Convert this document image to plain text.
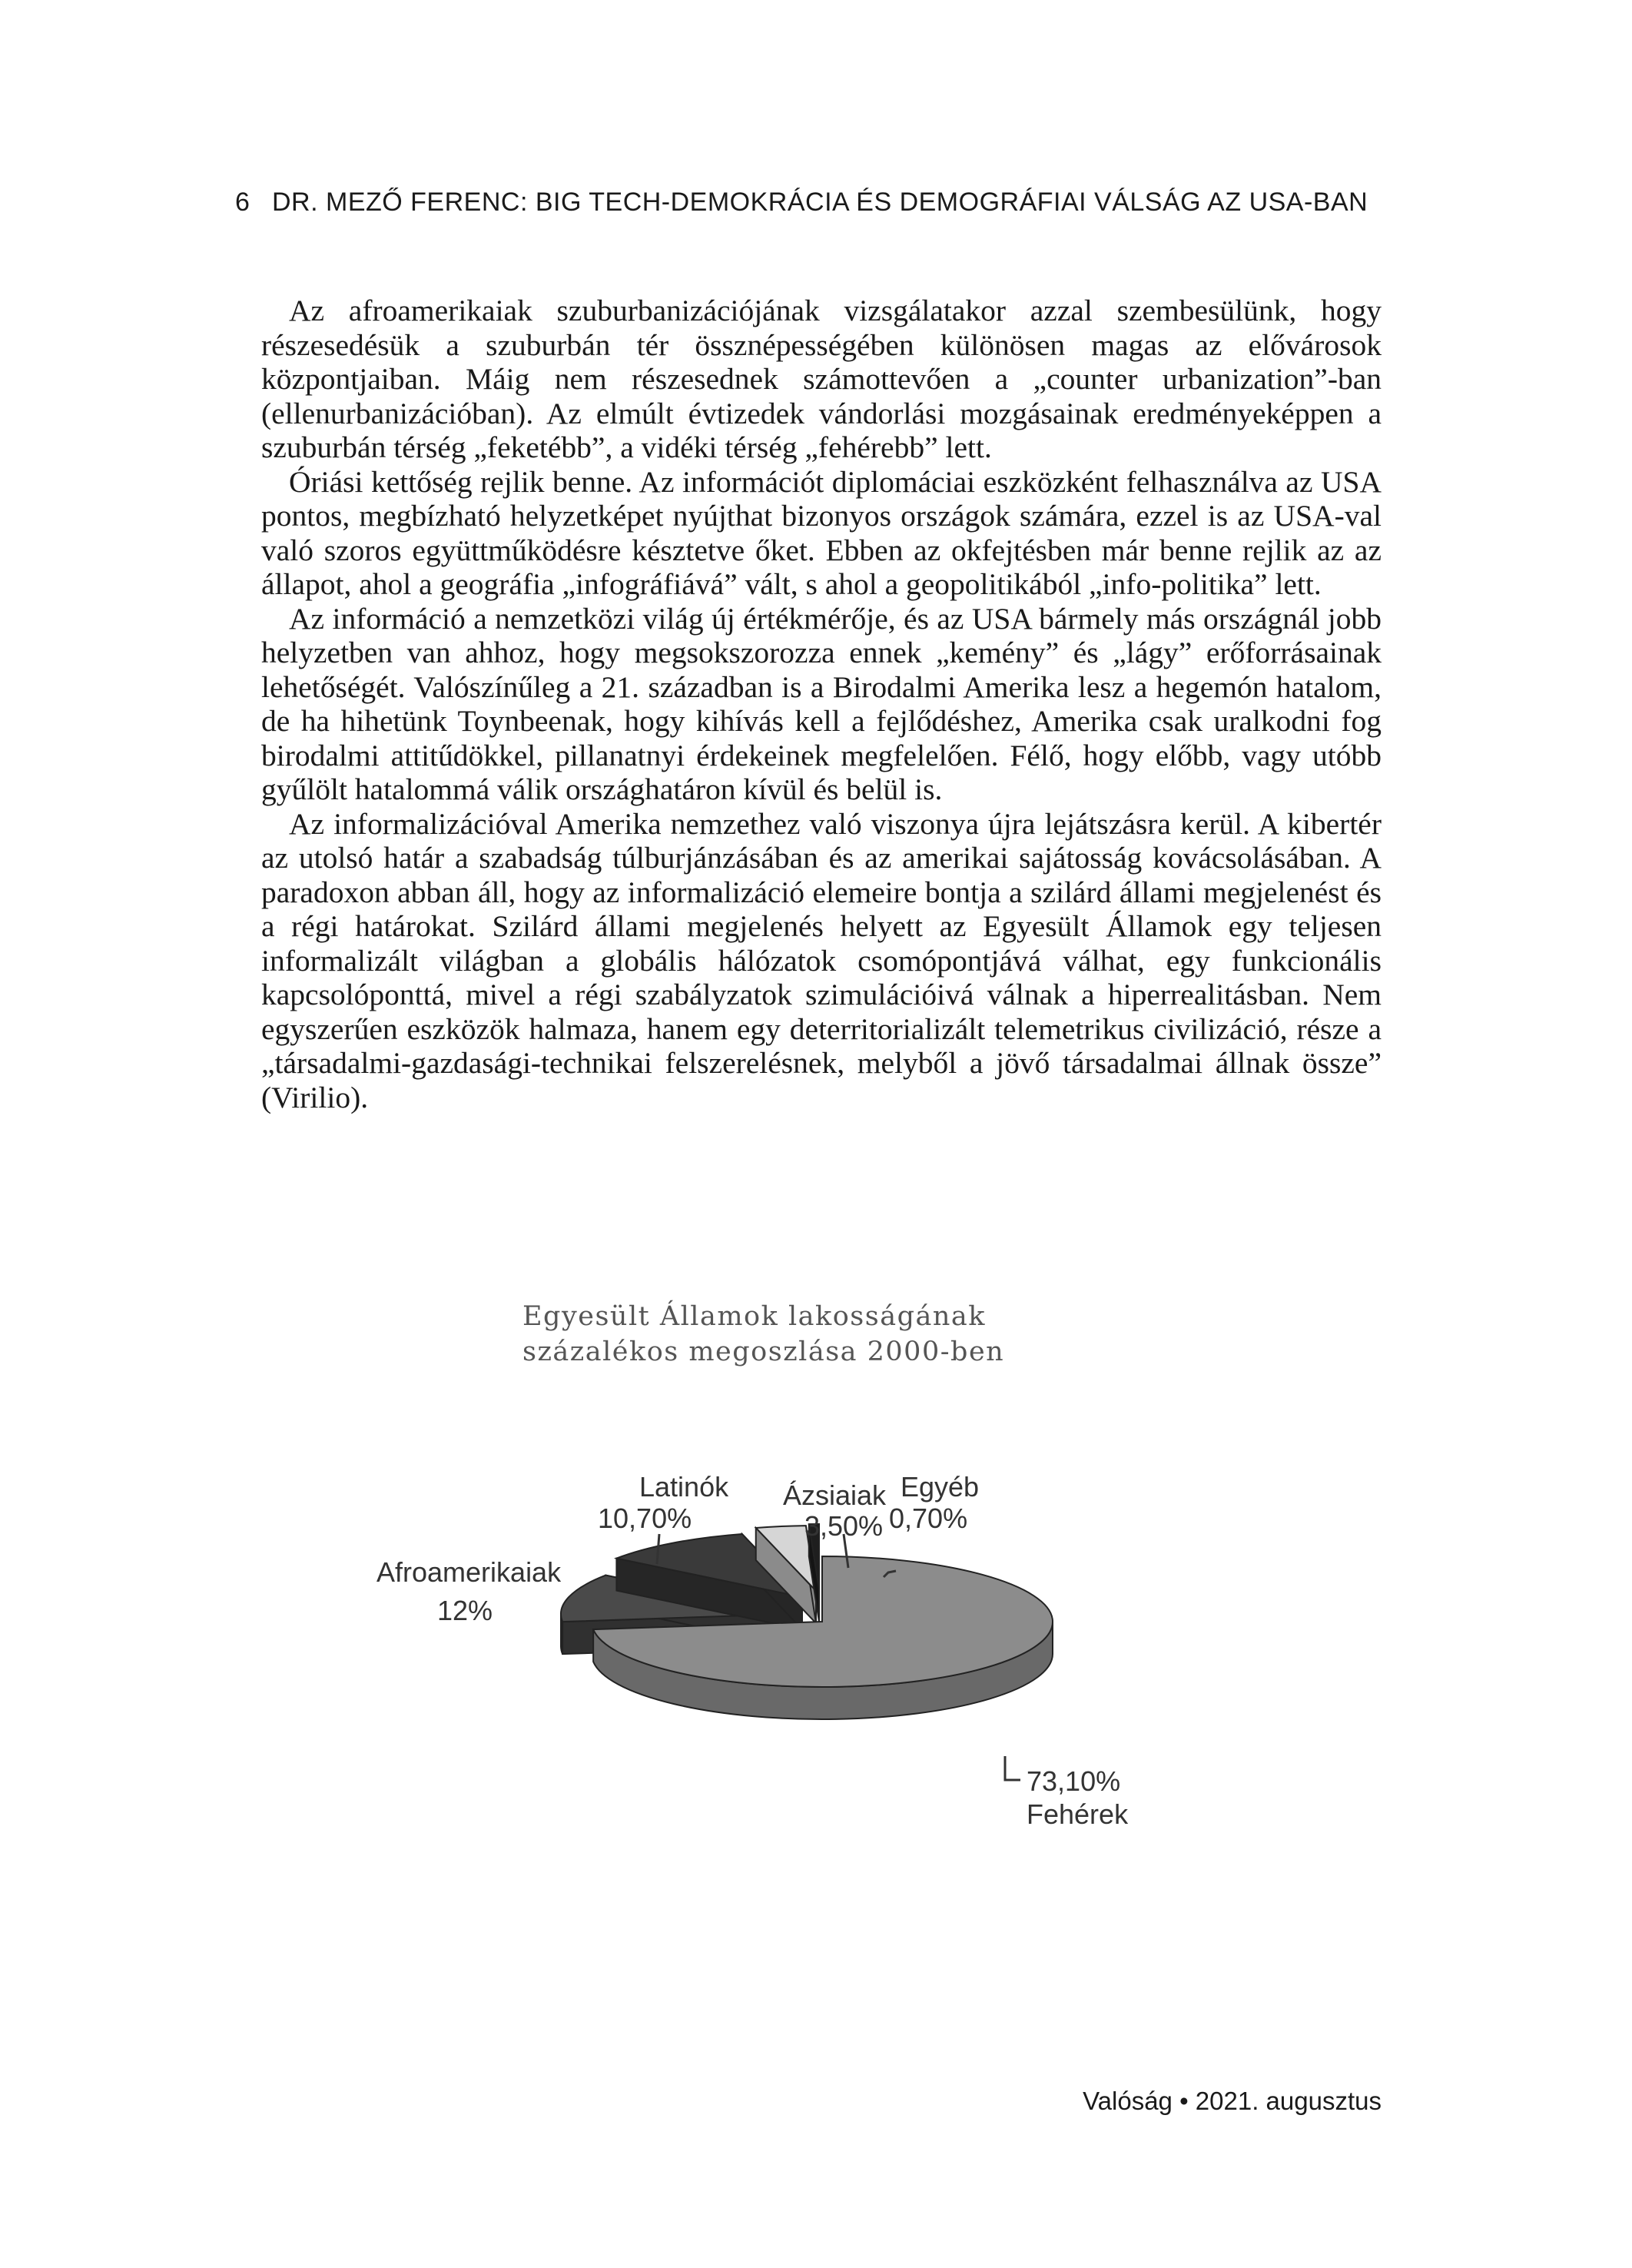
6 DR. MEZŐ FERENC: BIG TECH-DEMOKRÁCIA ÉS DEMOGRÁFIAI VÁLSÁG AZ USA-BAN

Az afroamerikaiak szuburbanizációjának vizsgálatakor azzal szembesülünk, hogy részesedésük a szuburbán tér össznépességében különösen magas az elővárosok központjaiban. Máig nem részesednek számottevően a „counter urbanization”-ban (ellenurbanizációban). Az elmúlt évtizedek vándorlási mozgásainak eredményeképpen a szuburbán térség „feketébb”, a vidéki térség „fehérebb” lett.

Óriási kettőség rejlik benne. Az információt diplomáciai eszközként felhasználva az USA pontos, megbízható helyzetképet nyújthat bizonyos országok számára, ezzel is az USA-val való szoros együttműködésre késztetve őket. Ebben az okfejtésben már benne rejlik az az állapot, ahol a geográfia „infográfiává” vált, s ahol a geopolitikából „info-politika” lett.

Az információ a nemzetközi világ új értékmérője, és az USA bármely más országnál jobb helyzetben van ahhoz, hogy megsokszorozza ennek „kemény” és „lágy” erőforrásainak lehetőségét. Valószínűleg a 21. században is a Birodalmi Amerika lesz a hegemón hatalom, de ha hihetünk Toynbeenak, hogy kihívás kell a fejlődéshez, Amerika csak uralkodni fog birodalmi attitűdökkel, pillanatnyi érdekeinek megfelelően. Félő, hogy előbb, vagy utóbb gyűlölt hatalommá válik országhatáron kívül és belül is.

Az informalizációval Amerika nemzethez való viszonya újra lejátszásra kerül. A kibertér az utolsó határ a szabadság túlburjánzásában és az amerikai sajátosság kovácsolásában. A paradoxon abban áll, hogy az informalizáció elemeire bontja a szilárd állami megjelenést és a régi határokat. Szilárd állami megjelenés helyett az Egyesült Államok egy teljesen informalizált világban a globális hálózatok csomópontjává válhat, egy funkcionális kapcsolóponttá, mivel a régi szabályzatok szimulációivá válnak a hiperrealitásban. Nem egyszerűen eszközök halmaza, hanem egy deterritorializált telemetrikus civilizáció, része a „társadalmi-gazdasági-technikai felszerelésnek, melyből a jövő társadalmai állnak össze” (Virilio).

Egyesült Államok lakosságának
százalékos megoszlása 2000-ben
Latinók
10,70%
Ázsiaiak
3,50%
Egyéb
0,70%
Afroamerikaiak
12%
73,10%
Fehérek
Valóság • 2021. augusztus
